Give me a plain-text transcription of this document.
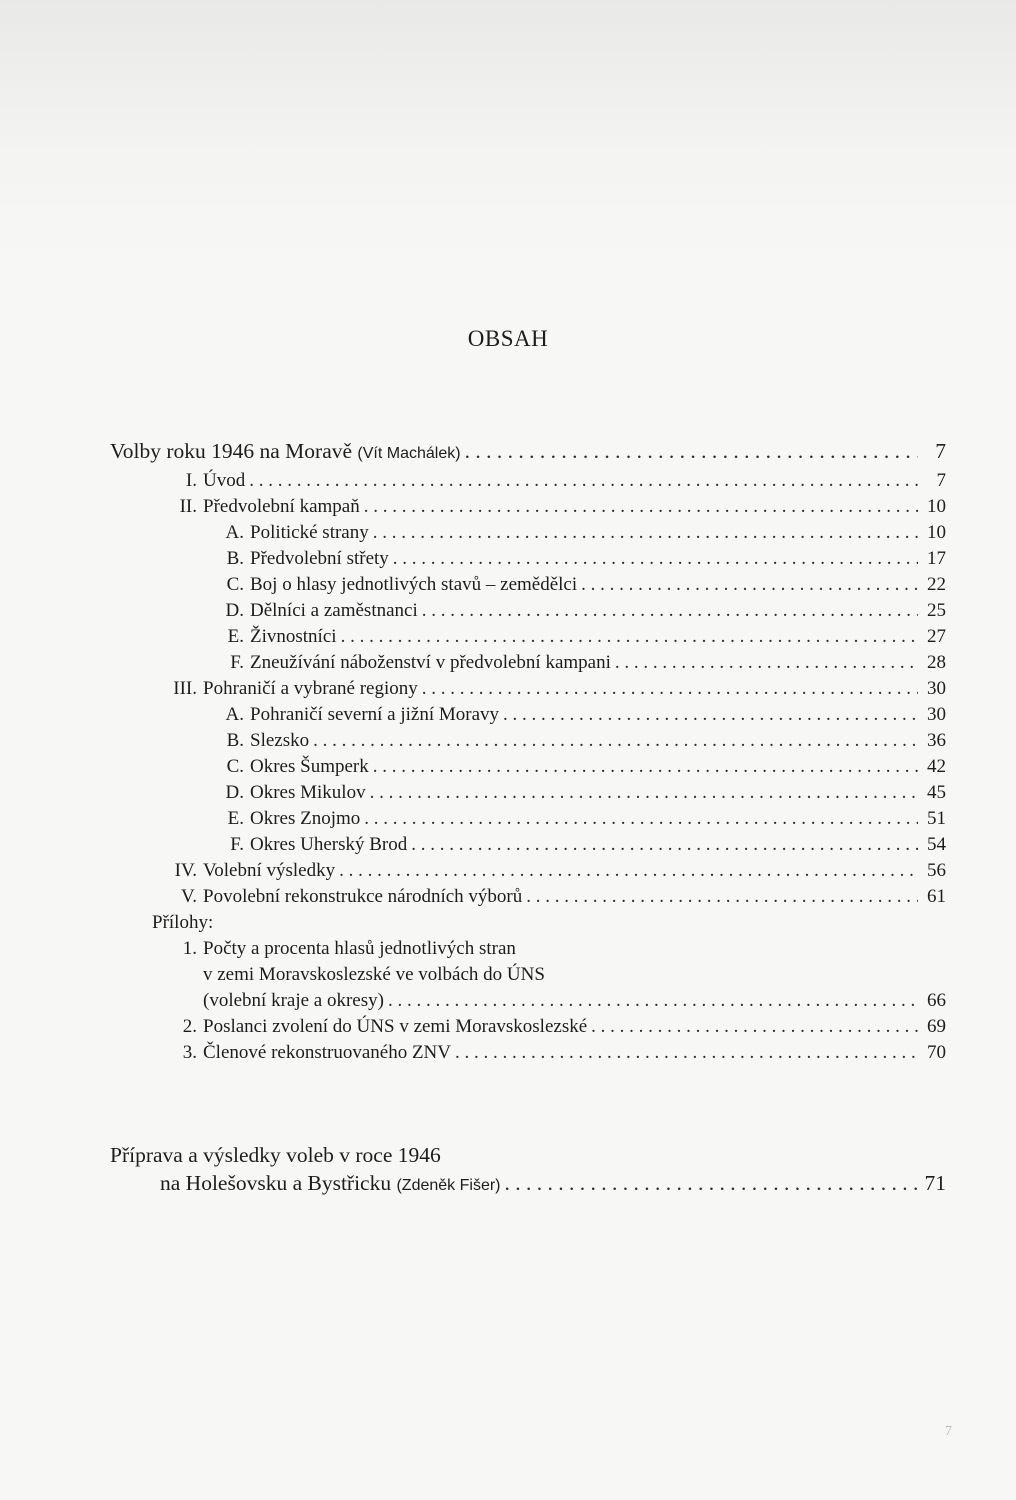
OBSAH
Volby roku 1946 na Moravě
(Vít Machálek) . . .	7
I. Úvod . . .	7
II. Předvolební kampaň . . .	10
A. Politické strany . . .	10
B. Předvolební střety . . .	17
C. Boj o hlasy jednotlivých stavů – zemědělci . . .	22
D. Dělníci a zaměstnanci . . .	25
E. Živnostníci . . .	27
F. Zneužívání náboženství v předvolební kampani . . .	28
III. Pohraničí a vybrané regiony . . .	30
A. Pohraničí severní a jižní Moravy . . .	30
B. Slezsko . . .	36
C. Okres Šumperk . . .	42
D. Okres Mikulov . . .	45
E. Okres Znojmo . . .	51
F. Okres Uherský Brod . . .	54
IV. Volební výsledky . . .	56
V. Povolební rekonstrukce národních výborů . . .	61
Přílohy:
1. Počty a procenta hlasů jednotlivých stran
v zemi Moravskoslezské ve volbách do ÚNS
(volební kraje a okresy) . . .	66
2. Poslanci zvolení do ÚNS v zemi Moravskoslezské . . .	69
3. Členové rekonstruovaného ZNV . . .	70
Příprava a výsledky voleb v roce 1946
na Holešovsku a Bystřicku
(Zdeněk Fišer) . . .	71
7
